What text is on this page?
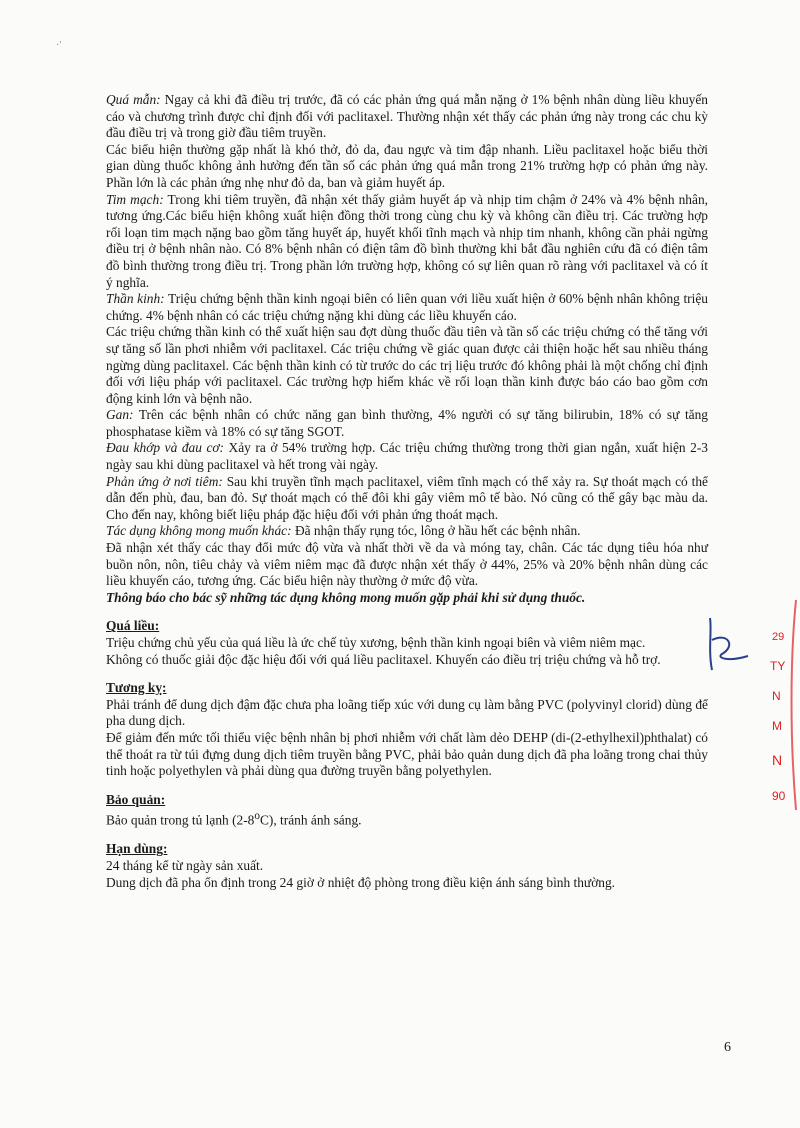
·'

Quá mẫn: Ngay cả khi đã điều trị trước, đã có các phản ứng quá mẫn nặng ở 1% bệnh nhân dùng liều khuyến cáo và chương trình được chỉ định đối với paclitaxel. Thường nhận xét thấy các phản ứng này trong các chu kỳ đầu điều trị và trong giờ đầu tiêm truyền.

Các biểu hiện thường gặp nhất là khó thở, đỏ da, đau ngực và tim đập nhanh. Liều paclitaxel hoặc biểu thời gian dùng thuốc không ảnh hưởng đến tần số các phản ứng quá mẫn trong 21% trường hợp có phản ứng này. Phần lớn là các phản ứng nhẹ như đỏ da, ban và giảm huyết áp.

Tim mạch: Trong khi tiêm truyền, đã nhận xét thấy giảm huyết áp và nhịp tim chậm ở 24% và 4% bệnh nhân, tương ứng.Các biểu hiện không xuất hiện đồng thời trong cùng chu kỳ và không cần điều trị. Các trường hợp rối loạn tim mạch nặng bao gồm tăng huyết áp, huyết khối tĩnh mạch và nhịp tim nhanh, không cần phải ngừng điều trị ở bệnh nhân nào. Có 8% bệnh nhân có điện tâm đồ bình thường khi bắt đầu nghiên cứu đã có điện tâm đồ bình thường trong điều trị. Trong phần lớn trường hợp, không có sự liên quan rõ ràng với paclitaxel và có ít ý nghĩa.

Thần kinh: Triệu chứng bệnh thần kinh ngoại biên có liên quan với liều xuất hiện ở 60% bệnh nhân không triệu chứng. 4% bệnh nhân có các triệu chứng nặng khi dùng các liều khuyến cáo.

Các triệu chứng thần kinh có thể xuất hiện sau đợt dùng thuốc đầu tiên và tần số các triệu chứng có thể tăng với sự tăng số lần phơi nhiễm với paclitaxel. Các triệu chứng về giác quan được cải thiện hoặc hết sau nhiều tháng ngừng dùng paclitaxel. Các bệnh thần kinh có từ trước do các trị liệu trước đó không phải là một chống chỉ định đối với liệu pháp với paclitaxel. Các trường hợp hiếm khác về rối loạn thần kinh được báo cáo bao gồm cơn động kinh lớn và bệnh não.

Gan: Trên các bệnh nhân có chức năng gan bình thường, 4% người có sự tăng bilirubin, 18% có sự tăng phosphatase kiềm và 18% có sự tăng SGOT.

Đau khớp và đau cơ: Xảy ra ở 54% trường hợp. Các triệu chứng thường trong thời gian ngắn, xuất hiện 2-3 ngày sau khi dùng paclitaxel và hết trong vài ngày.

Phản ứng ở nơi tiêm: Sau khi truyền tĩnh mạch paclitaxel, viêm tĩnh mạch có thể xảy ra. Sự thoát mạch có thể dẫn đến phù, đau, ban đỏ. Sự thoát mạch có thể đôi khi gây viêm mô tế bào. Nó cũng có thể gây bạc màu da. Cho đến nay, không biết liệu pháp đặc hiệu đối với phản ứng thoát mạch.

Tác dụng không mong muốn khác: Đã nhận thấy rụng tóc, lông ở hầu hết các bệnh nhân.

Đã nhận xét thấy các thay đổi mức độ vừa và nhất thời về da và móng tay, chân. Các tác dụng tiêu hóa như buồn nôn, nôn, tiêu chảy và viêm niêm mạc đã được nhận xét thấy ở 44%, 25% và 20% bệnh nhân dùng các liều khuyến cáo, tương ứng. Các biểu hiện này thường ở mức độ vừa.

Thông báo cho bác sỹ những tác dụng không mong muốn gặp phải khi sử dụng thuốc.

Quá liều:

Triệu chứng chủ yếu của quá liều là ức chế tủy xương, bệnh thần kinh ngoại biên và viêm niêm mạc.

Không có thuốc giải độc đặc hiệu đối với quá liều paclitaxel. Khuyến cáo điều trị triệu chứng và hỗ trợ.

Tương kỵ:

Phải tránh để dung dịch đậm đặc chưa pha loãng tiếp xúc với dung cụ làm bằng PVC (polyvinyl clorid) dùng để pha dung dịch.

Để giảm đến mức tối thiểu việc bệnh nhân bị phơi nhiễm với chất làm dẻo DEHP (di-(2-ethylhexil)phthalat) có thể thoát ra từ túi đựng dung dịch tiêm truyền bằng PVC, phải bảo quản dung dịch đã pha loãng trong chai thủy tinh hoặc polyethylen và phải dùng qua đường truyền bằng polyethylen.

Bảo quản:

Bảo quản trong tủ lạnh (2-8$^o$C), tránh ánh sáng.

Hạn dùng:

24 tháng kể từ ngày sản xuất.

Dung dịch đã pha ổn định trong 24 giờ ở nhiệt độ phòng trong điều kiện ánh sáng bình thường.

29
TY
N
M
N
90
6
